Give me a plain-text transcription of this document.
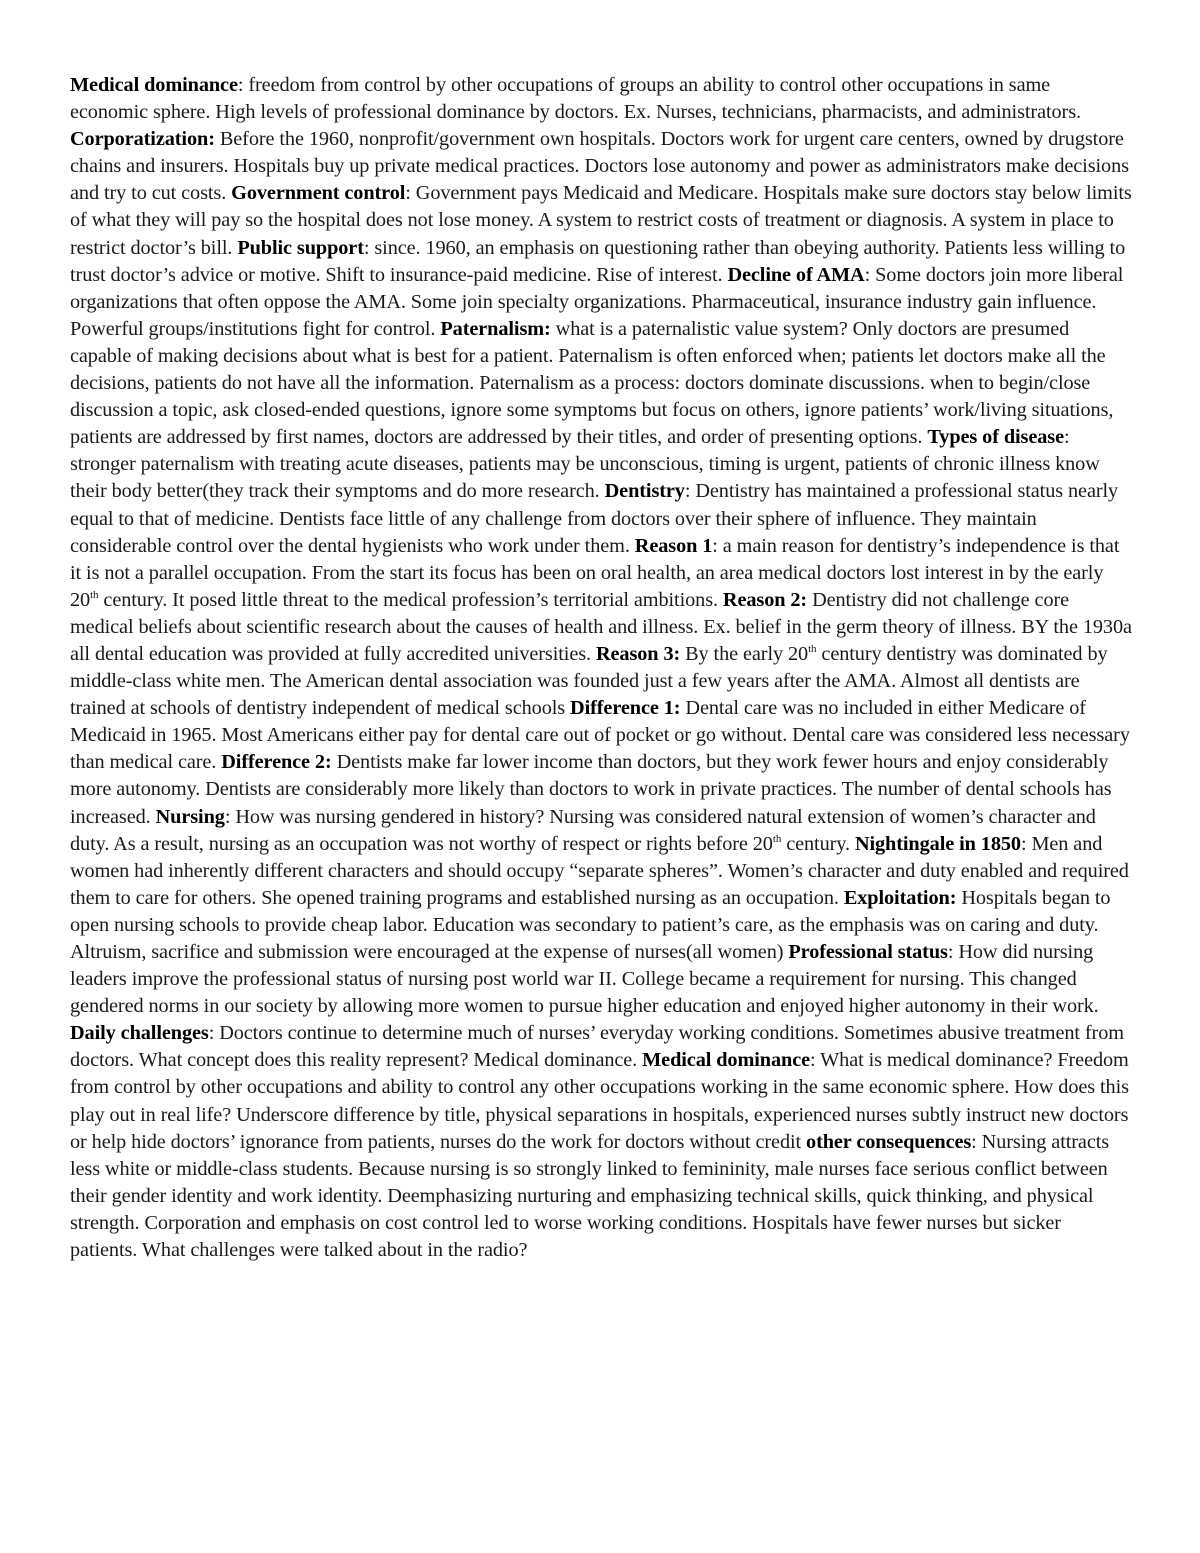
Medical dominance: freedom from control by other occupations of groups an ability to control other occupations in same economic sphere. High levels of professional dominance by doctors. Ex. Nurses, technicians, pharmacists, and administrators. Corporatization: Before the 1960, nonprofit/government own hospitals. Doctors work for urgent care centers, owned by drugstore chains and insurers. Hospitals buy up private medical practices. Doctors lose autonomy and power as administrators make decisions and try to cut costs. Government control: Government pays Medicaid and Medicare. Hospitals make sure doctors stay below limits of what they will pay so the hospital does not lose money. A system to restrict costs of treatment or diagnosis. A system in place to restrict doctor’s bill. Public support: since. 1960, an emphasis on questioning rather than obeying authority. Patients less willing to trust doctor’s advice or motive. Shift to insurance-paid medicine. Rise of interest. Decline of AMA: Some doctors join more liberal organizations that often oppose the AMA. Some join specialty organizations. Pharmaceutical, insurance industry gain influence. Powerful groups/institutions fight for control. Paternalism: what is a paternalistic value system? Only doctors are presumed capable of making decisions about what is best for a patient. Paternalism is often enforced when; patients let doctors make all the decisions, patients do not have all the information. Paternalism as a process: doctors dominate discussions. when to begin/close discussion a topic, ask closed-ended questions, ignore some symptoms but focus on others, ignore patients’ work/living situations, patients are addressed by first names, doctors are addressed by their titles, and order of presenting options. Types of disease: stronger paternalism with treating acute diseases, patients may be unconscious, timing is urgent, patients of chronic illness know their body better(they track their symptoms and do more research. Dentistry: Dentistry has maintained a professional status nearly equal to that of medicine. Dentists face little of any challenge from doctors over their sphere of influence. They maintain considerable control over the dental hygienists who work under them. Reason 1: a main reason for dentistry’s independence is that it is not a parallel occupation. From the start its focus has been on oral health, an area medical doctors lost interest in by the early 20th century. It posed little threat to the medical profession’s territorial ambitions. Reason 2: Dentistry did not challenge core medical beliefs about scientific research about the causes of health and illness. Ex. belief in the germ theory of illness. BY the 1930a all dental education was provided at fully accredited universities. Reason 3: By the early 20th century dentistry was dominated by middle-class white men. The American dental association was founded just a few years after the AMA. Almost all dentists are trained at schools of dentistry independent of medical schools Difference 1: Dental care was no included in either Medicare of Medicaid in 1965. Most Americans either pay for dental care out of pocket or go without. Dental care was considered less necessary than medical care. Difference 2: Dentists make far lower income than doctors, but they work fewer hours and enjoy considerably more autonomy. Dentists are considerably more likely than doctors to work in private practices. The number of dental schools has increased. Nursing: How was nursing gendered in history? Nursing was considered natural extension of women’s character and duty. As a result, nursing as an occupation was not worthy of respect or rights before 20th century. Nightingale in 1850: Men and women had inherently different characters and should occupy “separate spheres”. Women’s character and duty enabled and required them to care for others. She opened training programs and established nursing as an occupation. Exploitation: Hospitals began to open nursing schools to provide cheap labor. Education was secondary to patient’s care, as the emphasis was on caring and duty. Altruism, sacrifice and submission were encouraged at the expense of nurses(all women) Professional status: How did nursing leaders improve the professional status of nursing post world war II. College became a requirement for nursing. This changed gendered norms in our society by allowing more women to pursue higher education and enjoyed higher autonomy in their work. Daily challenges: Doctors continue to determine much of nurses’ everyday working conditions. Sometimes abusive treatment from doctors. What concept does this reality represent? Medical dominance. Medical dominance: What is medical dominance? Freedom from control by other occupations and ability to control any other occupations working in the same economic sphere. How does this play out in real life? Underscore difference by title, physical separations in hospitals, experienced nurses subtly instruct new doctors or help hide doctors’ ignorance from patients, nurses do the work for doctors without credit other consequences: Nursing attracts less white or middle-class students. Because nursing is so strongly linked to femininity, male nurses face serious conflict between their gender identity and work identity. Deemphasizing nurturing and emphasizing technical skills, quick thinking, and physical strength. Corporation and emphasis on cost control led to worse working conditions. Hospitals have fewer nurses but sicker patients. What challenges were talked about in the radio?
